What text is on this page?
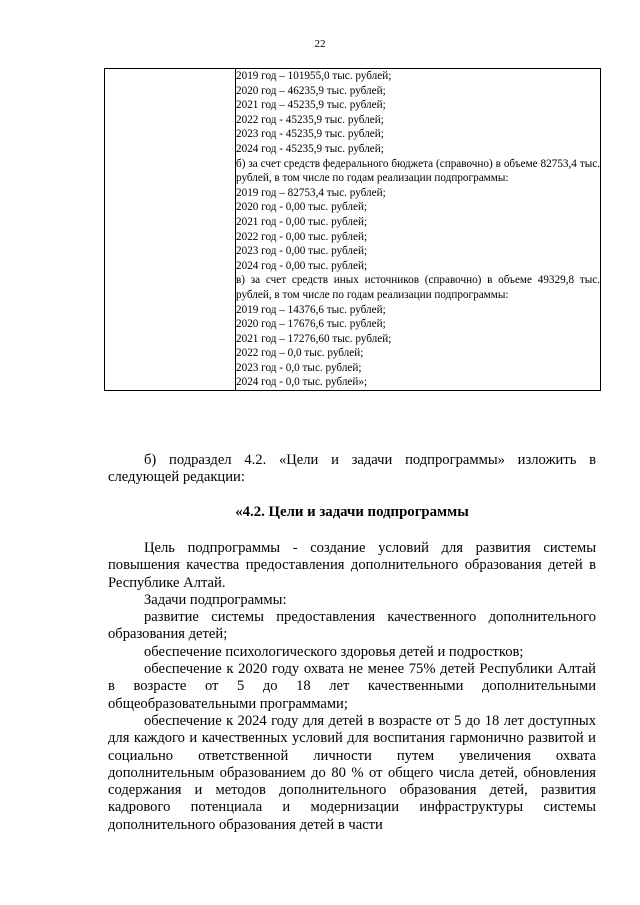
22

2019 год – 101955,0 тыс. рублей;
2020 год – 46235,9 тыс. рублей;
2021 год – 45235,9 тыс. рублей;
2022 год - 45235,9 тыс. рублей;
2023 год - 45235,9 тыс. рублей;
2024 год - 45235,9 тыс. рублей;
б) за счет средств федерального бюджета (справочно) в объеме 82753,4 тыс. рублей, в том числе по годам реализации подпрограммы:
2019 год – 82753,4 тыс. рублей;
2020 год - 0,00 тыс. рублей;
2021 год - 0,00 тыс. рублей;
2022 год - 0,00 тыс. рублей;
2023 год - 0,00 тыс. рублей;
2024 год - 0,00 тыс. рублей;
в) за счет средств иных источников (справочно) в объеме 49329,8 тыс. рублей, в том числе по годам реализации подпрограммы:
2019 год – 14376,6 тыс. рублей;
2020 год – 17676,6 тыс. рублей;
2021 год – 17276,60 тыс. рублей;
2022 год – 0,0 тыс. рублей;
2023 год - 0,0 тыс. рублей;
2024 год - 0,0 тыс. рублей»;
б) подраздел 4.2. «Цели и задачи подпрограммы» изложить в следующей редакции:
«4.2. Цели и задачи подпрограммы
Цель подпрограммы - создание условий для развития системы повышения качества предоставления дополнительного образования детей в Республике Алтай.
Задачи подпрограммы:
развитие системы предоставления качественного дополнительного образования детей;
обеспечение психологического здоровья детей и подростков;
обеспечение к 2020 году охвата не менее 75% детей Республики Алтай в возрасте от 5 до 18 лет качественными дополнительными общеобразовательными программами;
обеспечение к 2024 году для детей в возрасте от 5 до 18 лет доступных для каждого и качественных условий для воспитания гармонично развитой и социально ответственной личности путем увеличения охвата дополнительным образованием до 80 % от общего числа детей, обновления содержания и методов дополнительного образования детей, развития кадрового потенциала и модернизации инфраструктуры системы дополнительного образования детей в части
